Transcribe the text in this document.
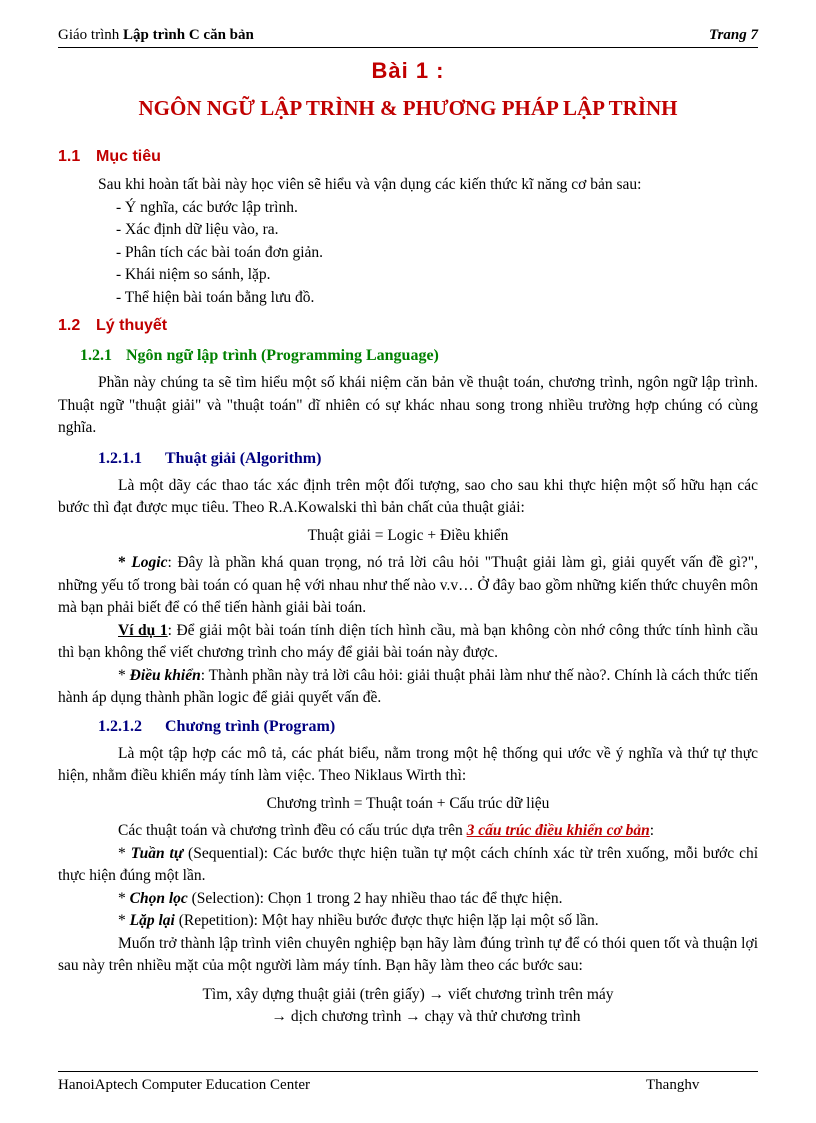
Giáo trình Lập trình C căn bản	Trang 7
Bài 1 :
NGÔN NGỮ LẬP TRÌNH & PHƯƠNG PHÁP LẬP TRÌNH
1.1 Mục tiêu

Sau khi hoàn tất bài này học viên sẽ hiểu và vận dụng các kiến thức kĩ năng cơ bản sau:

- Ý nghĩa, các bước lập trình.

- Xác định dữ liệu vào, ra.

- Phân tích các bài toán đơn giản.

- Khái niệm so sánh, lặp.

- Thể hiện bài toán bằng lưu đồ.

1.2 Lý thuyết
1.2.1 Ngôn ngữ lập trình (Programming Language)

Phần này chúng ta sẽ tìm hiểu một số khái niệm căn bản về thuật toán, chương trình, ngôn ngữ lập trình. Thuật ngữ "thuật giải" và "thuật toán" dĩ nhiên có sự khác nhau song trong nhiều trường hợp chúng có cùng nghĩa.

1.2.1.1 Thuật giải (Algorithm)

Là một dãy các thao tác xác định trên một đối tượng, sao cho sau khi thực hiện một số hữu hạn các bước thì đạt được mục tiêu. Theo R.A.Kowalski thì bản chất của thuật giải:

Thuật giải = Logic + Điều khiển

* Logic: Đây là phần khá quan trọng, nó trả lời câu hỏi "Thuật giải làm gì, giải quyết vấn đề gì?", những yếu tố trong bài toán có quan hệ với nhau như thế nào v.v… Ở đây bao gồm những kiến thức chuyên môn mà bạn phải biết để có thể tiến hành giải bài toán.

Ví dụ 1: Để giải một bài toán tính diện tích hình cầu, mà bạn không còn nhớ công thức tính hình cầu thì bạn không thể viết chương trình cho máy để giải bài toán này được.

* Điều khiển: Thành phần này trả lời câu hỏi: giải thuật phải làm như thế nào?. Chính là cách thức tiến hành áp dụng thành phần logic để giải quyết vấn đề.

1.2.1.2 Chương trình (Program)

Là một tập hợp các mô tả, các phát biểu, nằm trong một hệ thống qui ước về ý nghĩa và thứ tự thực hiện, nhằm điều khiển máy tính làm việc. Theo Niklaus Wirth thì:

Chương trình = Thuật toán + Cấu trúc dữ liệu

Các thuật toán và chương trình đều có cấu trúc dựa trên 3 cấu trúc điều khiển cơ bản:

* Tuần tự (Sequential): Các bước thực hiện tuần tự một cách chính xác từ trên xuống, mỗi bước chỉ thực hiện đúng một lần.

* Chọn lọc (Selection): Chọn 1 trong 2 hay nhiều thao tác để thực hiện.

* Lặp lại (Repetition): Một hay nhiều bước được thực hiện lặp lại một số lần.

Muốn trở thành lập trình viên chuyên nghiệp bạn hãy làm đúng trình tự để có thói quen tốt và thuận lợi sau này trên nhiều mặt của một người làm máy tính. Bạn hãy làm theo các bước sau:

Tìm, xây dựng thuật giải (trên giấy) → viết chương trình trên máy

→ dịch chương trình → chạy và thử chương trình

HanoiAptech Computer Education Center	Thanghv
